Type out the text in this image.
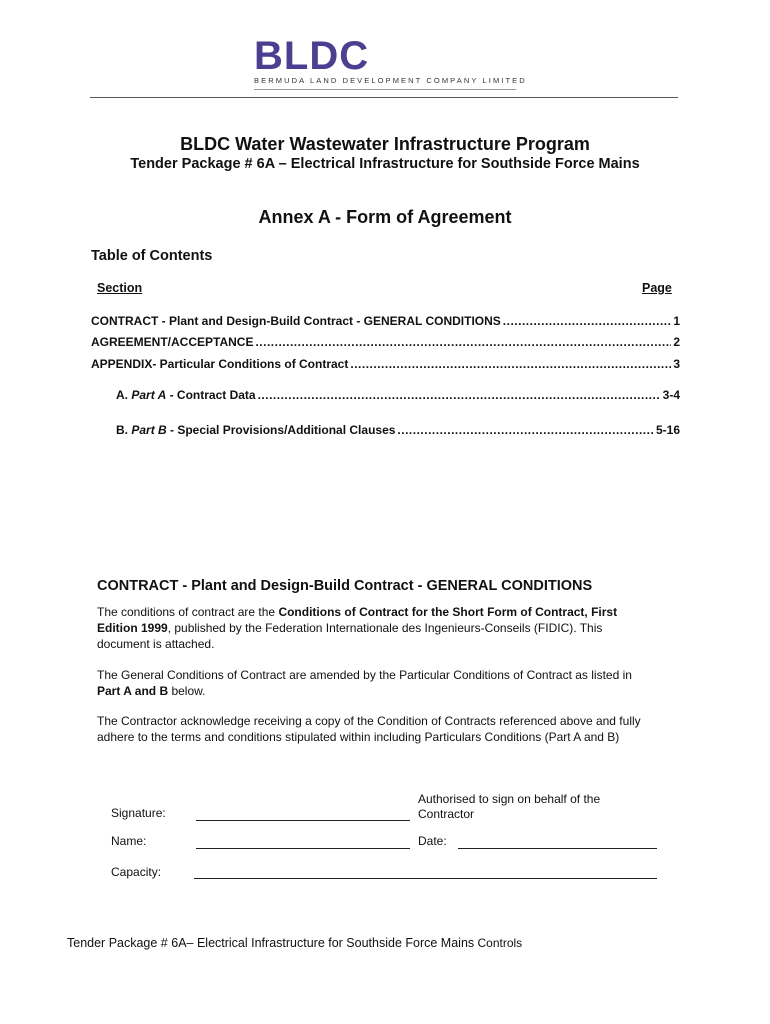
BLDC
BERMUDA LAND DEVELOPMENT COMPANY LIMITED
BLDC Water Wastewater Infrastructure Program
Tender Package # 6A – Electrical Infrastructure for Southside Force Mains
Annex A - Form of Agreement
Table of Contents
Section	Page
CONTRACT - Plant and Design-Build Contract - GENERAL CONDITIONS .....	1
AGREEMENT/ACCEPTANCE .....	2
APPENDIX- Particular Conditions of Contract .....	3
A. Part A - Contract Data .....	3-4
B. Part B - Special Provisions/Additional Clauses .....	5-16
CONTRACT - Plant and Design-Build Contract - GENERAL CONDITIONS
The conditions of contract are the Conditions of Contract for the Short Form of Contract, First Edition 1999, published by the Federation Internationale des Ingenieurs-Conseils (FIDIC). This document is attached.
The General Conditions of Contract are amended by the Particular Conditions of Contract as listed in Part A and B below.
The Contractor acknowledge receiving a copy of the Condition of Contracts referenced above and fully adhere to the terms and conditions stipulated within including Particulars Conditions (Part A and B)
Signature:
Authorised to sign on behalf of the Contractor
Name:	Date:
Capacity:
Tender Package # 6A– Electrical Infrastructure for Southside Force Mains Controls
